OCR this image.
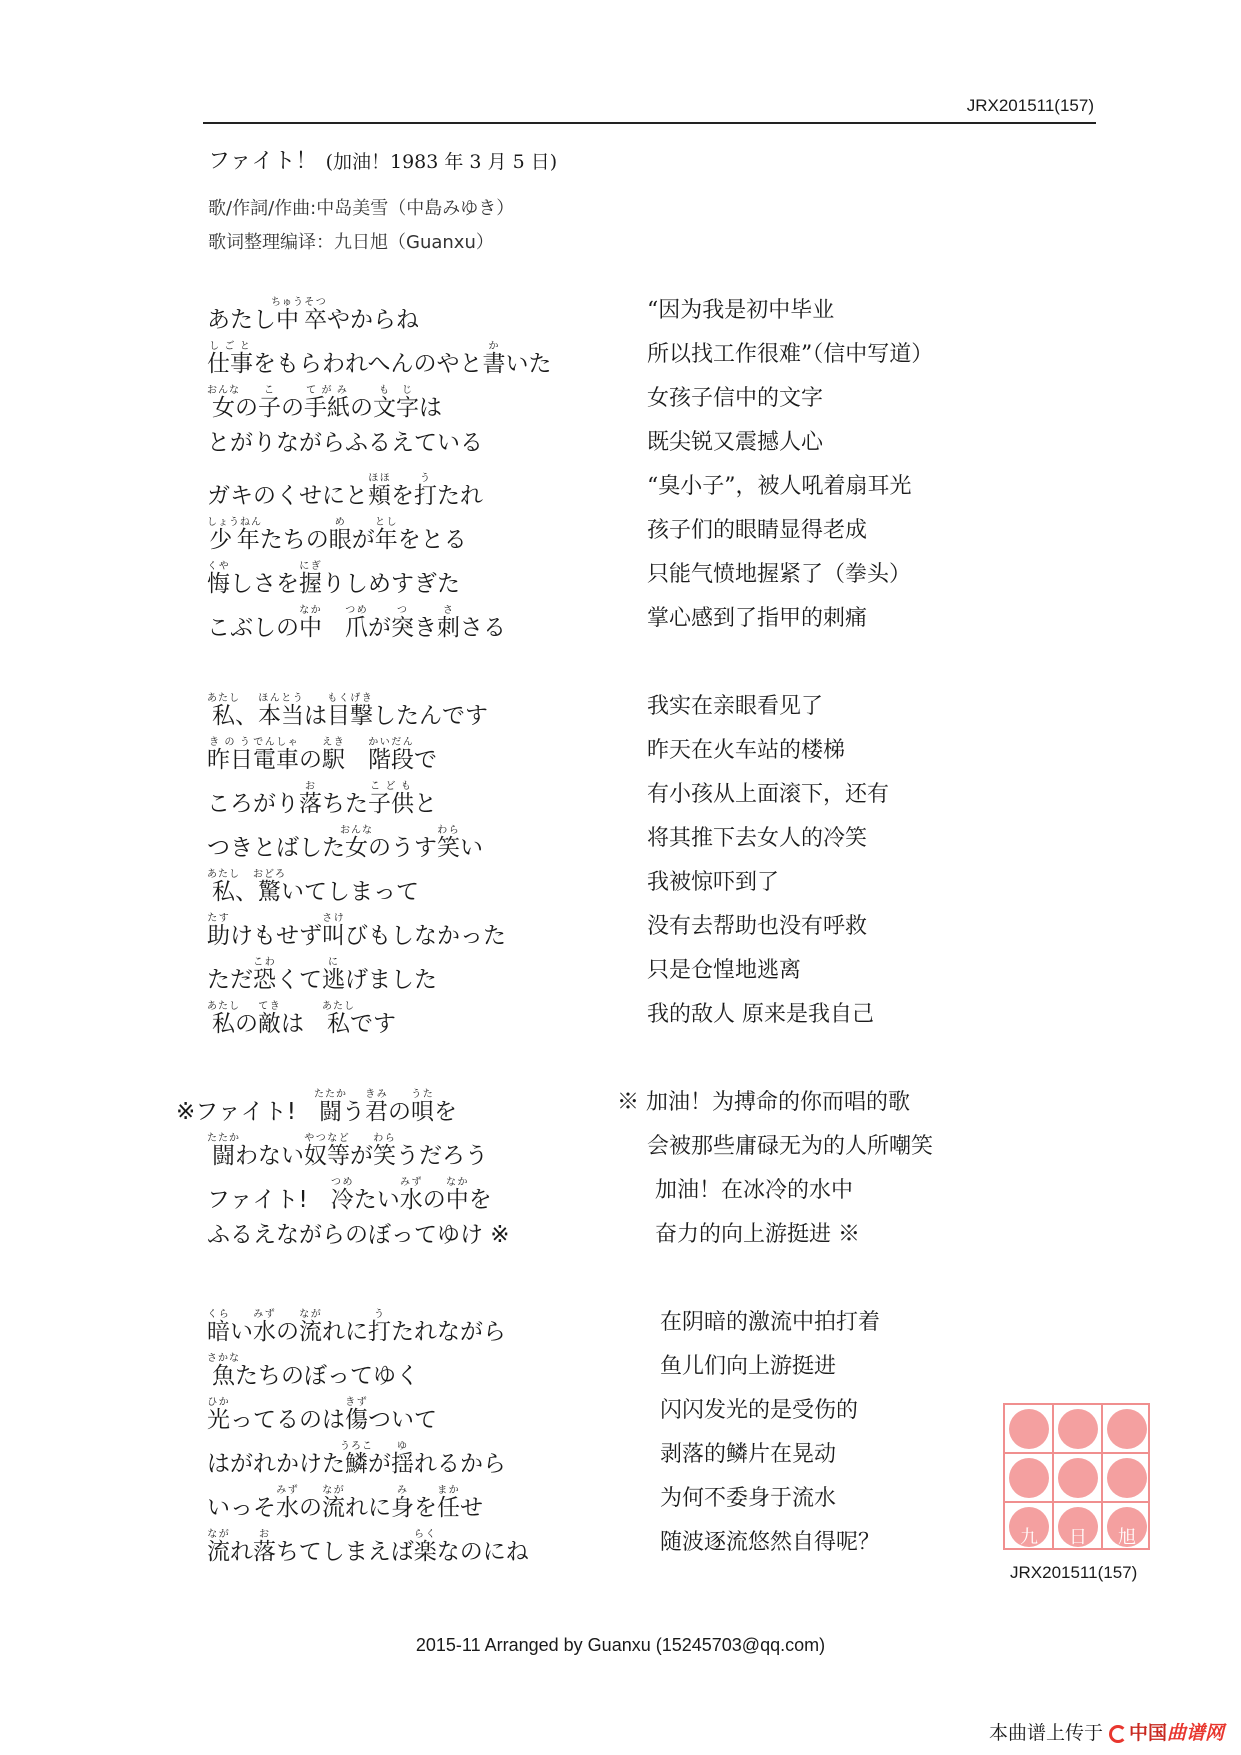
JRX201511(157)
ファイト！ (加油！1983 年 3 月 5 日)
歌/作詞/作曲:中岛美雪（中島みゆき）
歌词整理编译：九日旭（Guanxu）
あたし中ちゅう卒そつやからね
仕事しごとをもらわれへんのやと書かいた
女おんなの子この手紙てがみの文字もじは
とがりながらふるえている
ガキのくせにと頬ほほを打うたれ
少年しょうねんたちの眼めが年としをとる
悔くやしさを握にぎりしめすぎた
こぶしの中なか　爪つめが突つき刺ささる
私あたし、本当ほんとうは目撃もくげきしたんです
昨日きのう電車でんしゃの駅えき　階段かいだんで
ころがり落おちた子供こどもと
つきとばした女おんなのうす笑わらい
私あたし、驚おどろいてしまって
助たすけもせず叫さけびもしなかった
ただ恐こわくて逃にげました
私あたしの敵てきは　私あたしです
※ファイト!　闘たたかう君きみの唄うたを
闘たたかわない奴等やつなどが笑わらうだろう
ファイト!　冷つめたい水みずの中なかを
ふるえながらのぼってゆけ ※
暗くらい水みずの流ながれに打うたれながら
魚さかなたちのぼってゆく
光ひかってるのは傷きずついて
はがれかけた鱗うろこが揺ゆれるから
いっそ水みずの流ながれに身みを任まかせ
流ながれ落おちてしまえば楽らくなのにね
“因为我是初中毕业
所以找工作很难”（信中写道）
女孩子信中的文字
既尖锐又震撼人心
“臭小子”，被人吼着扇耳光
孩子们的眼睛显得老成
只能气愤地握紧了（拳头）
掌心感到了指甲的刺痛
我实在亲眼看见了
昨天在火车站的楼梯
有小孩从上面滚下，还有
将其推下去女人的冷笑
我被惊吓到了
没有去帮助也没有呼救
只是仓惶地逃离
我的敌人 原来是我自己
※ 加油！为搏命的你而唱的歌
会被那些庸碌无为的人所嘲笑
加油！在冰冷的水中
奋力的向上游挺进 ※
在阴暗的激流中拍打着
鱼儿们向上游挺进
闪闪发光的是受伤的
剥落的鳞片在晃动
为何不委身于流水
随波逐流悠然自得呢？	九	日	旭
JRX201511(157)
2015-11 Arranged by Guanxu (15245703@qq.com)
本曲谱上传于 中国曲谱网
